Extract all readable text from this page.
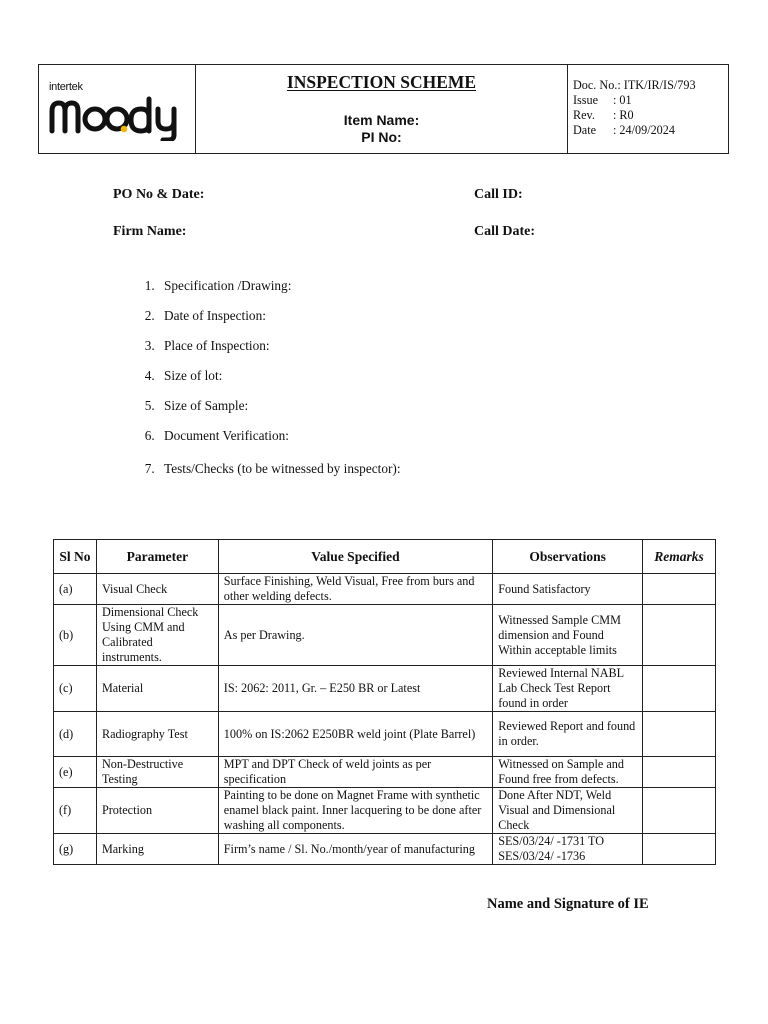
intertek	INSPECTION SCHEME
Item Name:
PI No:
Doc. No. : ITK/IR/IS/793
Issue	: 01
Rev.	: R0
Date	: 24/09/2024
PO No & Date:	Call ID:
Firm Name:	Call Date:
1. Specification /Drawing:
2. Date of Inspection:
3. Place of Inspection:
4. Size of lot:
5. Size of Sample:
6. Document Verification:
7. Tests/Checks (to be witnessed by inspector):
Sl No	Parameter	Value Specified	Observations	Remarks
(a)	Visual Check	Surface Finishing, Weld Visual, Free from burs and other welding defects.	Found Satisfactory	
(b)	Dimensional Check Using CMM and Calibrated instruments.	As per Drawing.	Witnessed Sample CMM dimension and Found Within acceptable limits	
(c)	Material	IS: 2062: 2011, Gr. – E250 BR or Latest	Reviewed Internal NABL Lab Check Test Report found in order	
(d)	Radiography Test	100% on IS:2062 E250BR weld joint (Plate Barrel)	Reviewed Report and found in order.	
(e)	Non-Destructive Testing	MPT and DPT Check of weld joints as per specification	Witnessed on Sample and Found free from defects.	
(f)	Protection	Painting to be done on Magnet Frame with synthetic enamel black paint. Inner lacquering to be done after washing all components.	Done After NDT, Weld Visual and Dimensional Check	
(g)	Marking	Firm’s name / Sl. No./month/year of manufacturing	SES/03/24/ -1731 TO SES/03/24/ -1736	
Name and Signature of IE
